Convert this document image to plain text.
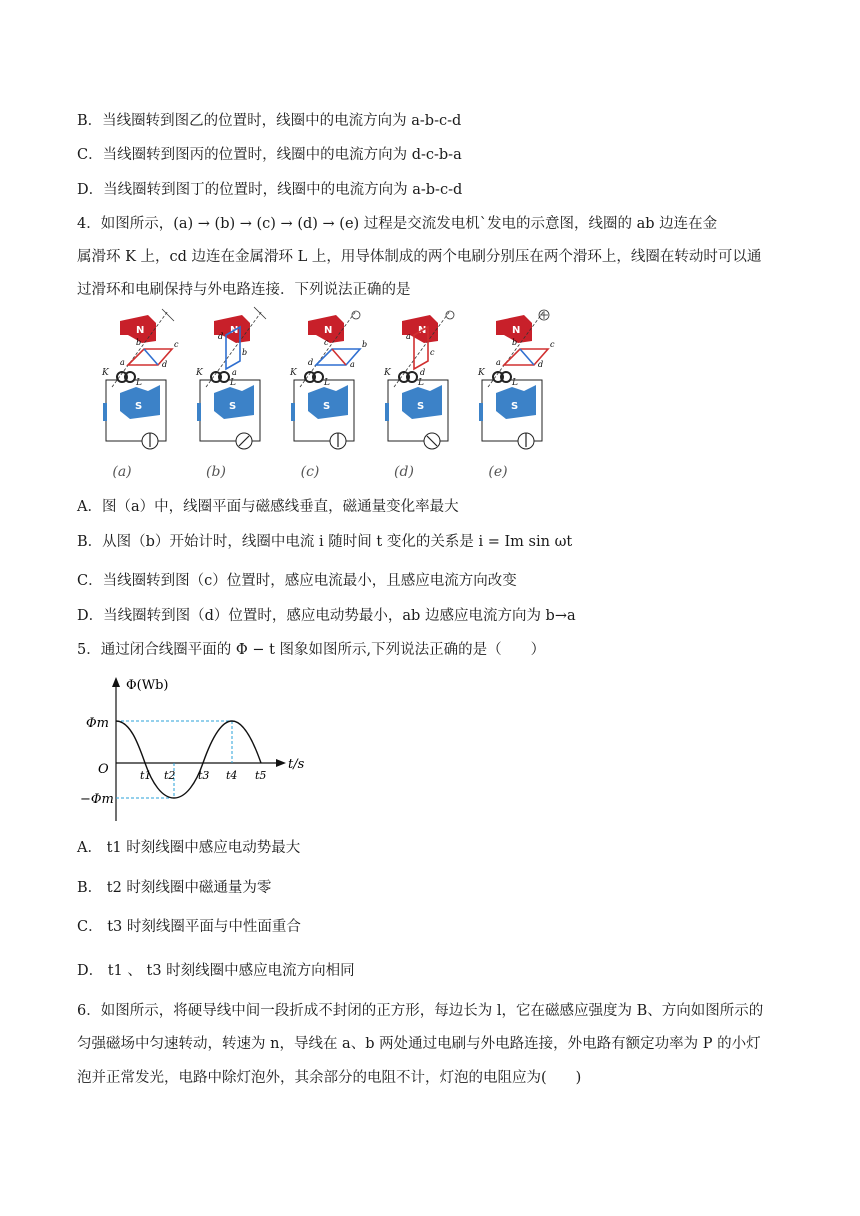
B．当线圈转到图乙的位置时，线圈中的电流方向为 a-b-c-d
C．当线圈转到图丙的位置时，线圈中的电流方向为 d-c-b-a
D．当线圈转到图丁的位置时，线圈中的电流方向为 a-b-c-d
4．如图所示，(a) → (b) → (c) → (d) → (e) 过程是交流发电机`发电的示意图，线圈的 ab 边连在金
属滑环 K 上，cd 边连在金属滑环 L 上，用导体制成的两个电刷分别压在两个滑环上，线圈在转动时可以通
过滑环和电刷保持与外电路连接．下列说法正确的是
K
L
b	c
d
a
d
b
a
c	b
a
d
a
c
d
b	c
d
a
(a)	(b)	(c)	(d)	(e)
A．图（a）中，线圈平面与磁感线垂直，磁通量变化率最大
B．从图（b）开始计时，线圈中电流 i 随时间 t 变化的关系是 i = Im sin ωt
C．当线圈转到图（c）位置时，感应电流最小，且感应电流方向改变
D．当线圈转到图（d）位置时，感应电动势最小，ab 边感应电流方向为 b→a
5．通过闭合线圈平面的 Φ − t 图象如图所示,下列说法正确的是（　　）
Φ(Wb)
t/s
O
Φm
−Φm
t1 t2 t3 t4 t5
A． t1 时刻线圈中感应电动势最大
B． t2 时刻线圈中磁通量为零
C． t3 时刻线圈平面与中性面重合
D． t1 、 t3 时刻线圈中感应电流方向相同
6．如图所示，将硬导线中间一段折成不封闭的正方形，每边长为 l，它在磁感应强度为 B、方向如图所示的
匀强磁场中匀速转动，转速为 n，导线在 a、b 两处通过电刷与外电路连接，外电路有额定功率为 P 的小灯
泡并正常发光，电路中除灯泡外，其余部分的电阻不计，灯泡的电阻应为(　　)
